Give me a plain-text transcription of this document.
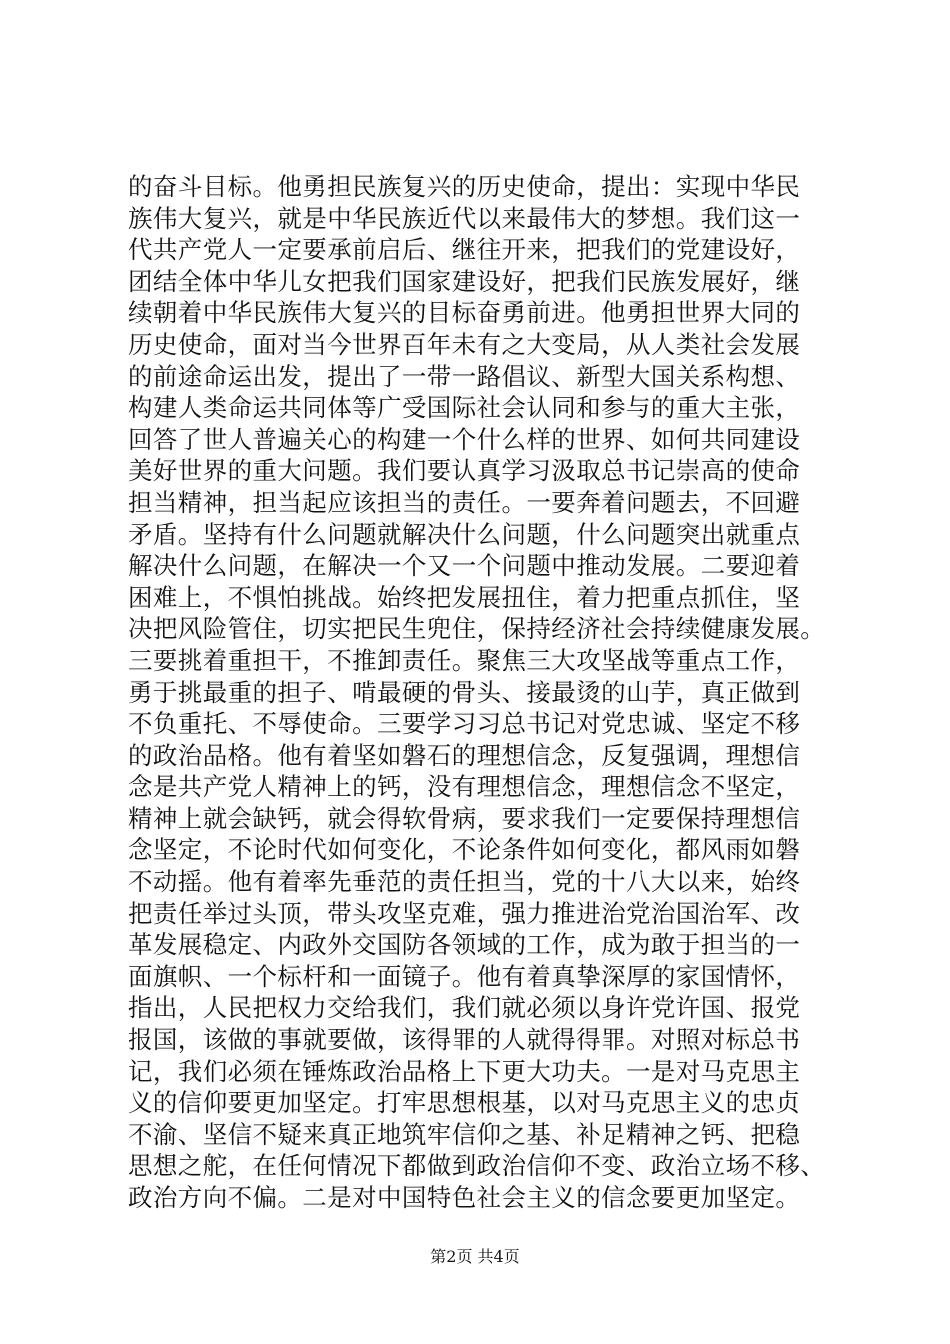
的奋斗目标。他勇担民族复兴的历史使命，提出：实现中华民
族伟大复兴，就是中华民族近代以来最伟大的梦想。我们这一
代共产党人一定要承前启后、继往开来，把我们的党建设好，
团结全体中华儿女把我们国家建设好，把我们民族发展好，继
续朝着中华民族伟大复兴的目标奋勇前进。他勇担世界大同的
历史使命，面对当今世界百年未有之大变局，从人类社会发展
的前途命运出发，提出了一带一路倡议、新型大国关系构想、
构建人类命运共同体等广受国际社会认同和参与的重大主张，
回答了世人普遍关心的构建一个什么样的世界、如何共同建设
美好世界的重大问题。我们要认真学习汲取总书记崇高的使命
担当精神，担当起应该担当的责任。一要奔着问题去，不回避
矛盾。坚持有什么问题就解决什么问题，什么问题突出就重点
解决什么问题，在解决一个又一个问题中推动发展。二要迎着
困难上，不惧怕挑战。始终把发展扭住，着力把重点抓住，坚
决把风险管住，切实把民生兜住，保持经济社会持续健康发展。
三要挑着重担干，不推卸责任。聚焦三大攻坚战等重点工作，
勇于挑最重的担子、啃最硬的骨头、接最烫的山芋，真正做到
不负重托、不辱使命。三要学习习总书记对党忠诚、坚定不移
的政治品格。他有着坚如磐石的理想信念，反复强调，理想信
念是共产党人精神上的钙，没有理想信念，理想信念不坚定，
精神上就会缺钙，就会得软骨病，要求我们一定要保持理想信
念坚定，不论时代如何变化，不论条件如何变化，都风雨如磐
不动摇。他有着率先垂范的责任担当，党的十八大以来，始终
把责任举过头顶，带头攻坚克难，强力推进治党治国治军、改
革发展稳定、内政外交国防各领域的工作，成为敢于担当的一
面旗帜、一个标杆和一面镜子。他有着真挚深厚的家国情怀，
指出，人民把权力交给我们，我们就必须以身许党许国、报党
报国，该做的事就要做，该得罪的人就得得罪。对照对标总书
记，我们必须在锤炼政治品格上下更大功夫。一是对马克思主
义的信仰要更加坚定。打牢思想根基，以对马克思主义的忠贞
不渝、坚信不疑来真正地筑牢信仰之基、补足精神之钙、把稳
思想之舵，在任何情况下都做到政治信仰不变、政治立场不移、
政治方向不偏。二是对中国特色社会主义的信念要更加坚定。
第2页 共4页
